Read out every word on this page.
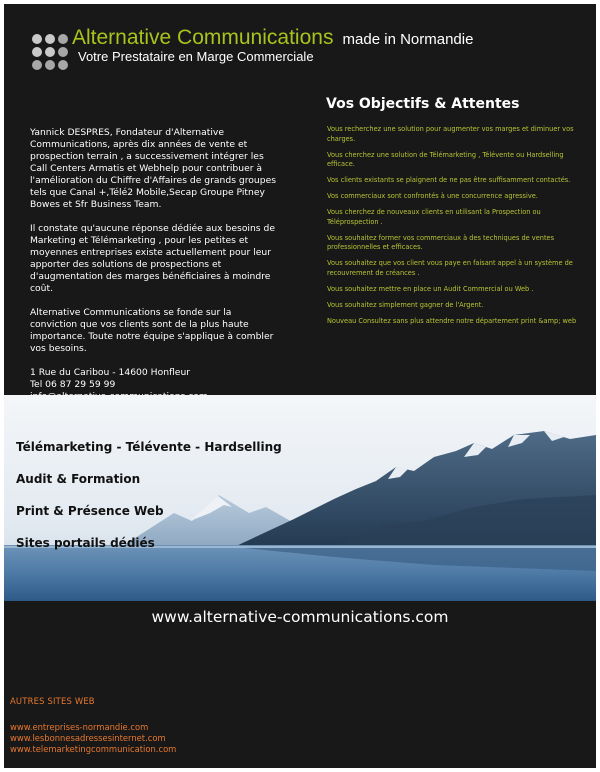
Alternative Communications made in Normandie
Votre Prestataire en Marge Commerciale
Vos Objectifs & Attentes

Yannick DESPRES, Fondateur d'Alternative Communications, après dix années de vente et prospection terrain , a successivement intégrer les Call Centers Armatis et Webhelp pour contribuer à l'amélioration du Chiffre d'Affaires de grands groupes tels que Canal +,Télé2 Mobile,Secap Groupe Pitney Bowes et Sfr Business Team.

Il constate qu'aucune réponse dédiée aux besoins de Marketing et Télémarketing , pour les petites et moyennes entreprises existe actuellement pour leur apporter des solutions de prospections et d'augmentation des marges bénéficiaires à moindre coût.

Alternative Communications se fonde sur la conviction que vos clients sont de la plus haute importance. Toute notre équipe s'applique à combler vos besoins.

1 Rue du Caribou - 14600 Honfleur
Tel 06 87 29 59 99

Vous recherchez une solution pour augmenter vos marges et diminuer vos charges.

Vous cherchez une solution de Télémarketing , Télévente ou Hardselling efficace.

Vos clients existants se plaignent de ne pas être suffisamment contactés.

Vos commerciaux sont confrontés à une concurrence agressive.

Vous cherchez de nouveaux clients en utilisant la Prospection ou Téléprospection .

Vous souhaitez former vos commerciaux à des techniques de ventes professionnelles et efficaces.

Vous souhaitez que vos client vous paye en faisant appel à un système de recouvrement de créances .

Vous souhaitez mettre en place un Audit Commercial ou Web .

Vous souhaitez simplement gagner de l'Argent.

Nouveau Consultez sans plus attendre notre département print &amp; web

Télémarketing - Télévente - Hardselling
Audit & Formation
Print & Présence Web
Sites portails dédiés
www.alternative-communications.com
AUTRES SITES WEB
www.entreprises-normandie.com
www.lesbonnesadressesinternet.com
www.telemarketingcommunication.com
